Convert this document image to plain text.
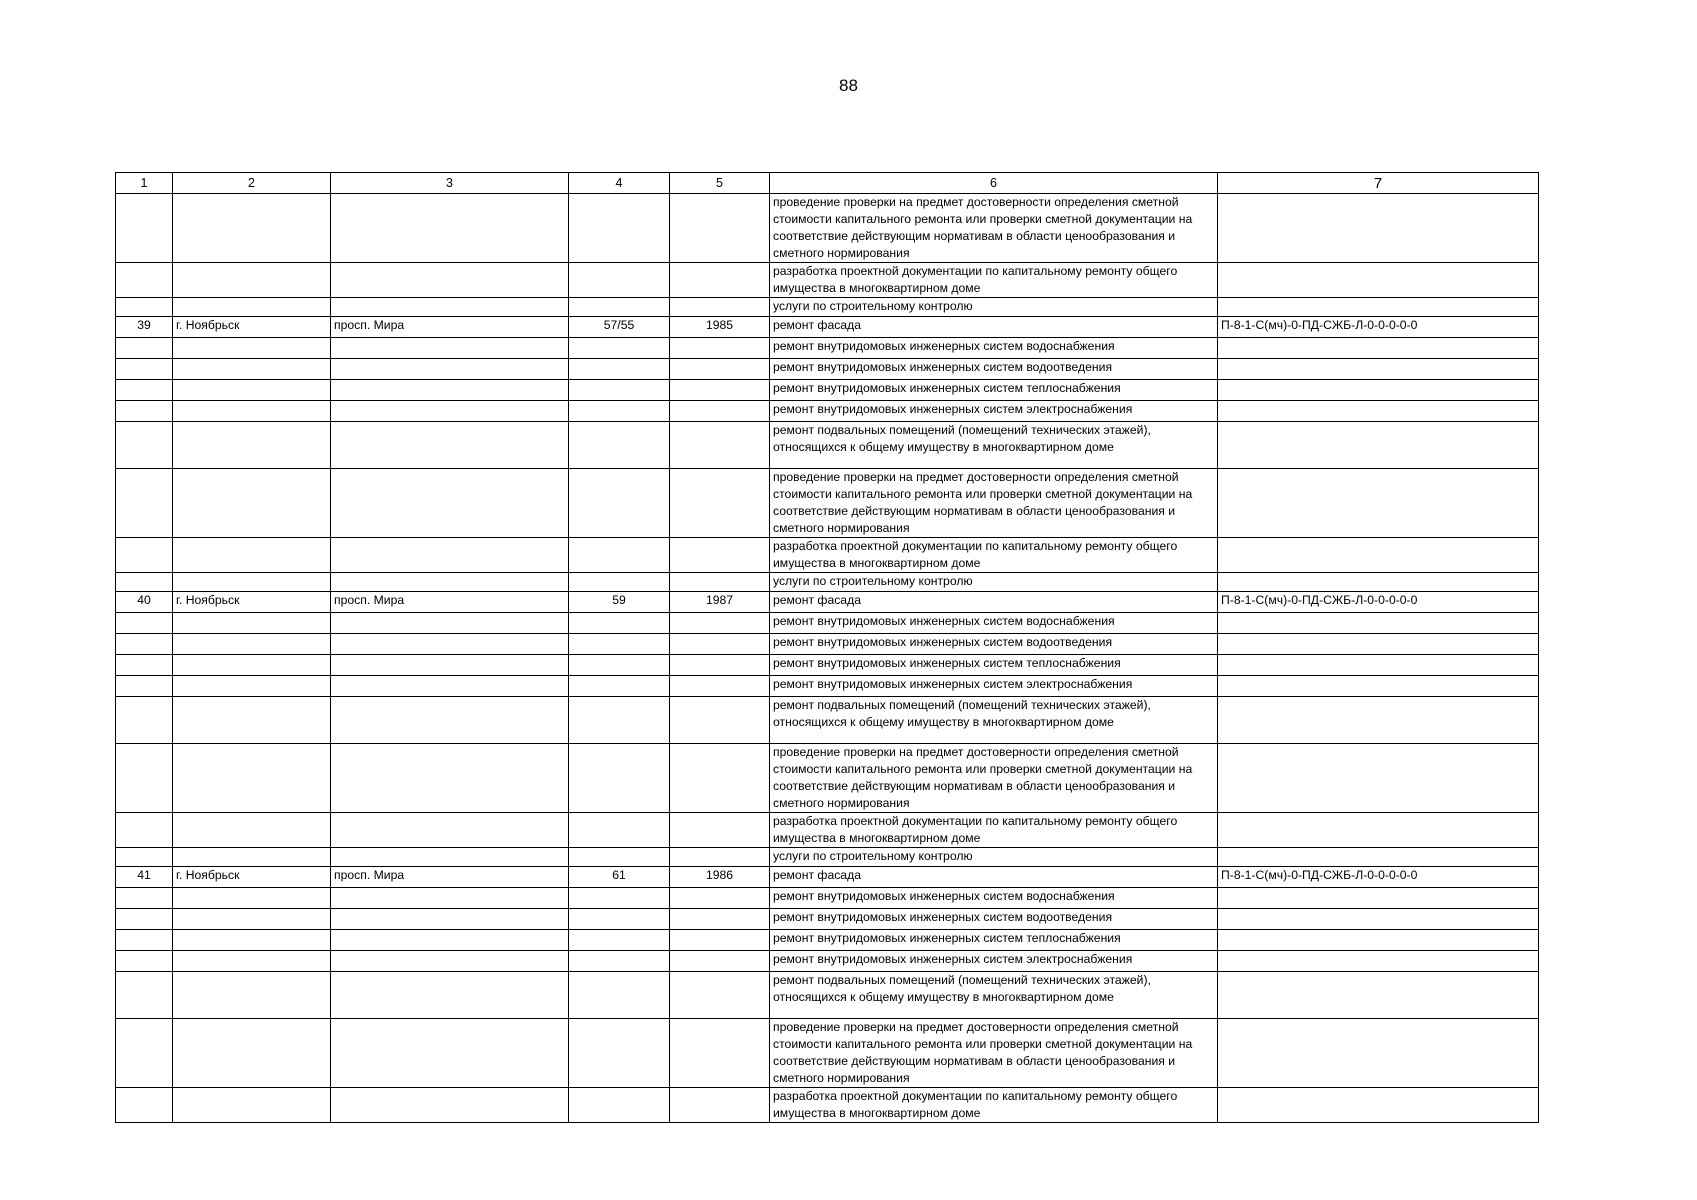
88
1	2	3	4	5	6	7
					проведение проверки на предмет достоверности определения сметной стоимости капитального ремонта или проверки сметной документации на соответствие действующим нормативам в области ценообразования и сметного нормирования	
					разработка проектной документации по капитальному ремонту общего имущества в многоквартирном доме	
					услуги по строительному контролю	
39	г. Ноябрьск	просп. Мира	57/55	1985	ремонт фасада	П-8-1-С(мч)-0-ПД-СЖБ-Л-0-0-0-0-0
					ремонт внутридомовых инженерных систем водоснабжения	
					ремонт внутридомовых инженерных систем водоотведения	
					ремонт внутридомовых инженерных систем теплоснабжения	
					ремонт внутридомовых инженерных систем электроснабжения	
					ремонт подвальных помещений (помещений технических этажей), относящихся к общему имуществу в многоквартирном доме	
					проведение проверки на предмет достоверности определения сметной стоимости капитального ремонта или проверки сметной документации на соответствие действующим нормативам в области ценообразования и сметного нормирования	
					разработка проектной документации по капитальному ремонту общего имущества в многоквартирном доме	
					услуги по строительному контролю	
40	г. Ноябрьск	просп. Мира	59	1987	ремонт фасада	П-8-1-С(мч)-0-ПД-СЖБ-Л-0-0-0-0-0
					ремонт внутридомовых инженерных систем водоснабжения	
					ремонт внутридомовых инженерных систем водоотведения	
					ремонт внутридомовых инженерных систем теплоснабжения	
					ремонт внутридомовых инженерных систем электроснабжения	
					ремонт подвальных помещений (помещений технических этажей), относящихся к общему имуществу в многоквартирном доме	
					проведение проверки на предмет достоверности определения сметной стоимости капитального ремонта или проверки сметной документации на соответствие действующим нормативам в области ценообразования и сметного нормирования	
					разработка проектной документации по капитальному ремонту общего имущества в многоквартирном доме	
					услуги по строительному контролю	
41	г. Ноябрьск	просп. Мира	61	1986	ремонт фасада	П-8-1-С(мч)-0-ПД-СЖБ-Л-0-0-0-0-0
					ремонт внутридомовых инженерных систем водоснабжения	
					ремонт внутридомовых инженерных систем водоотведения	
					ремонт внутридомовых инженерных систем теплоснабжения	
					ремонт внутридомовых инженерных систем электроснабжения	
					ремонт подвальных помещений (помещений технических этажей), относящихся к общему имуществу в многоквартирном доме	
					проведение проверки на предмет достоверности определения сметной стоимости капитального ремонта или проверки сметной документации на соответствие действующим нормативам в области ценообразования и сметного нормирования	
					разработка проектной документации по капитальному ремонту общего имущества в многоквартирном доме	
